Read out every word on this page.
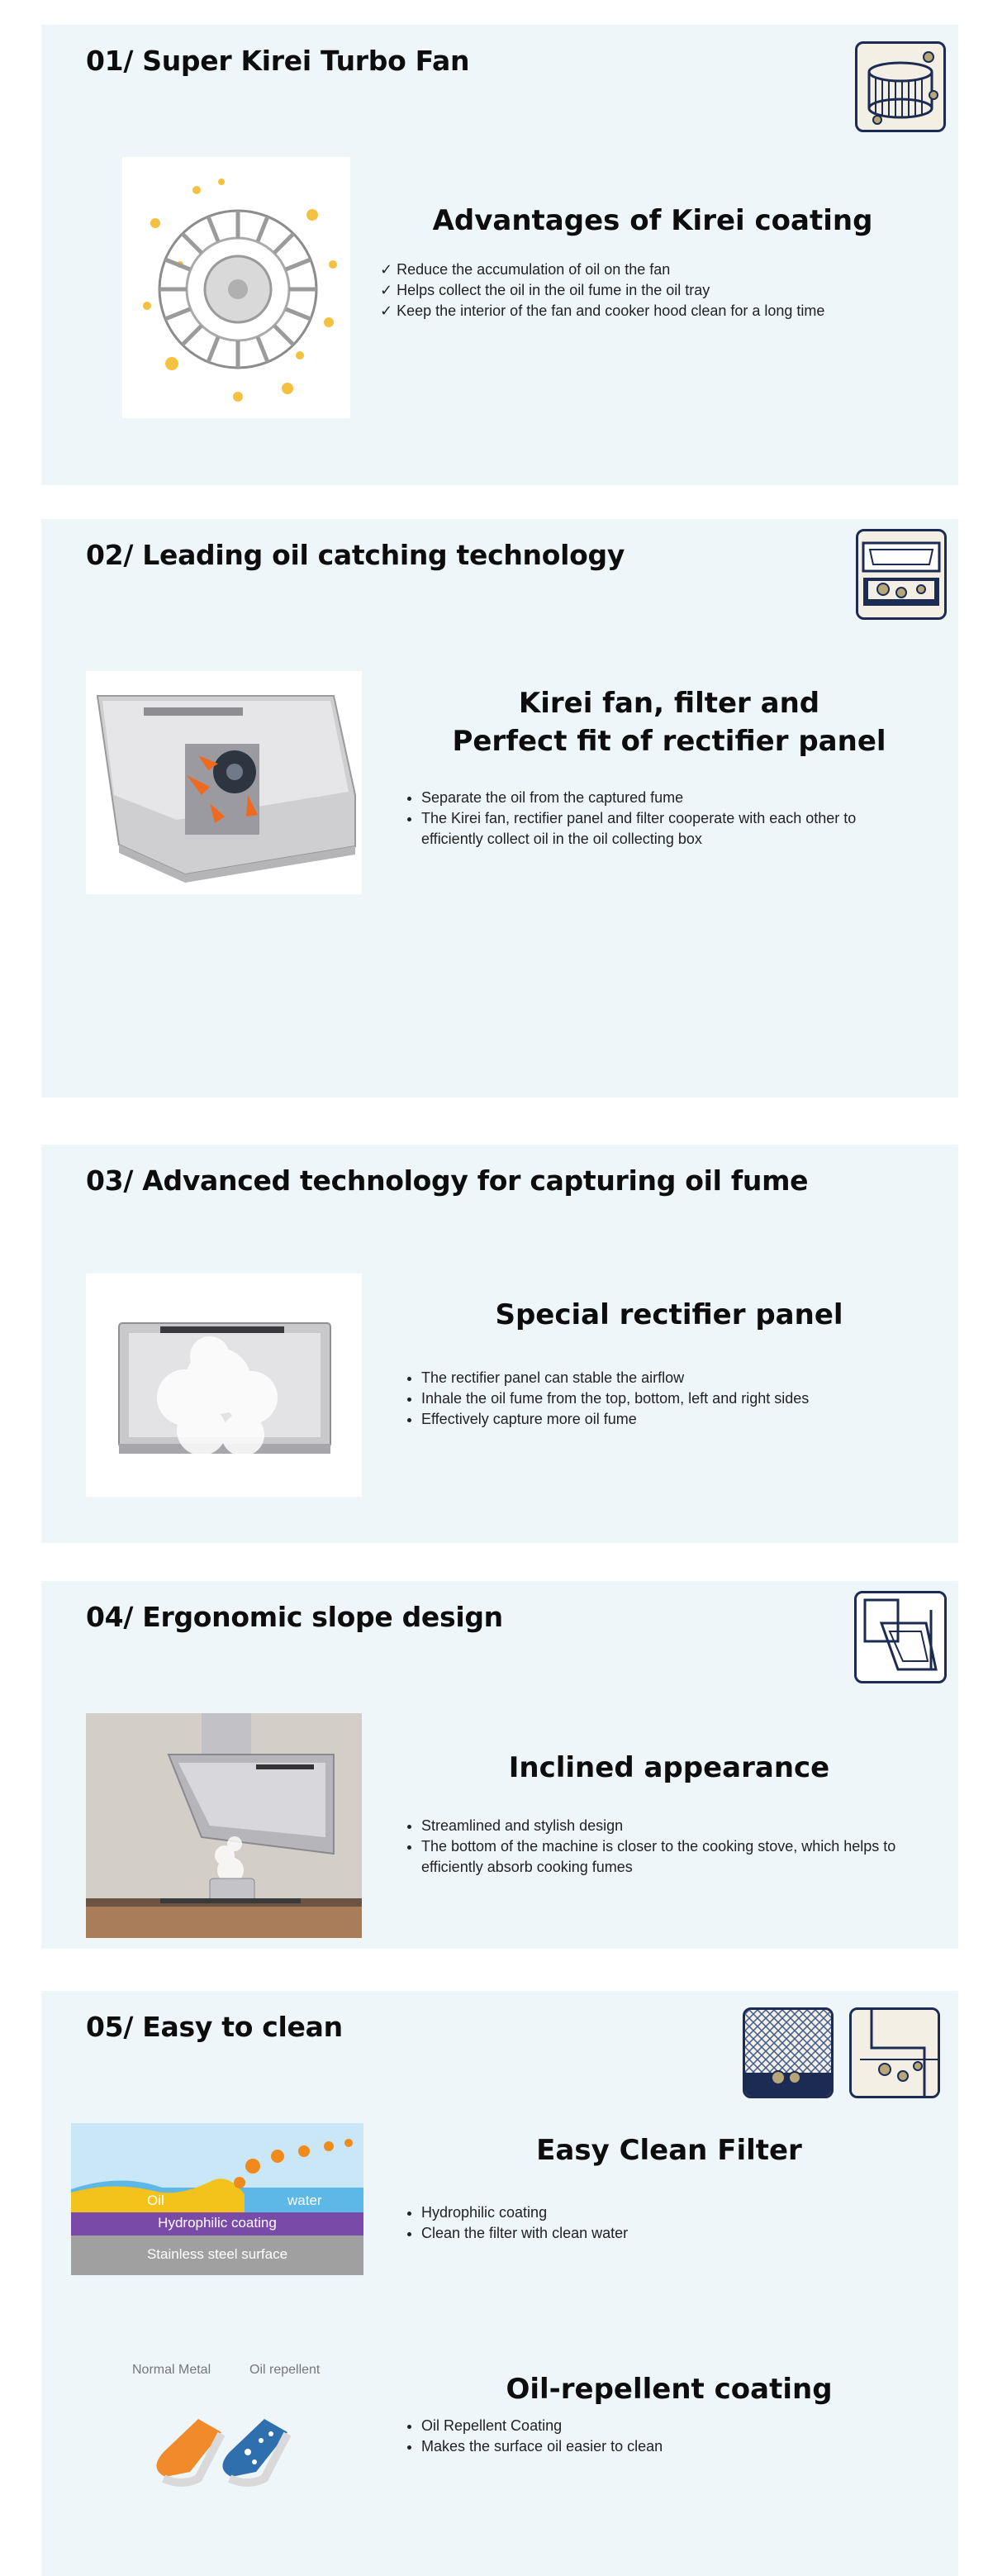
01/ Super Kirei Turbo Fan
Advantages of Kirei coating
✓ Reduce the accumulation of oil on the fan
✓ Helps collect the oil in the oil fume in the oil tray
✓ Keep the interior of the fan and cooker hood clean for a long time
02/ Leading oil catching technology
Kirei fan, filter and
Perfect fit of rectifier panel
• Separate the oil from the captured fume
• The Kirei fan, rectifier panel and filter cooperate with each other to efficiently collect oil in the oil collecting box
03/ Advanced technology for capturing oil fume
Special rectifier panel
• The rectifier panel can stable the airflow
• Inhale the oil fume from the top, bottom, left and right sides
• Effectively capture more oil fume
04/ Ergonomic slope design
Inclined appearance
• Streamlined and stylish design
• The bottom of the machine is closer to the cooking stove, which helps to efficiently absorb cooking fumes
05/ Easy to clean
Oil	water
Hydrophilic coating
Stainless steel surface
Easy Clean Filter
• Hydrophilic coating
• Clean the filter with clean water
Normal Metal	Oil repellent
Oil-repellent coating
• Oil Repellent Coating
• Makes the surface oil easier to clean
